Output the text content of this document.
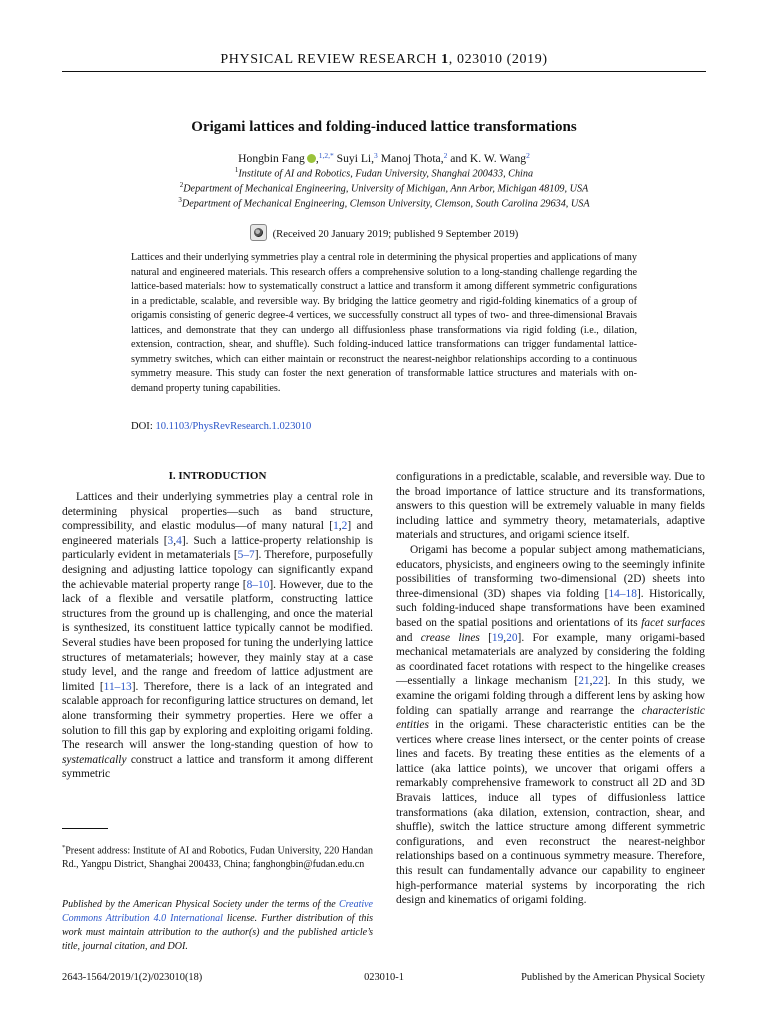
PHYSICAL REVIEW RESEARCH 1, 023010 (2019)
Origami lattices and folding-induced lattice transformations
Hongbin Fang ,$^{1,2,*}$ Suyi Li,$^3$ Manoj Thota,$^2$ and K. W. Wang$^2$
$^1$Institute of AI and Robotics, Fudan University, Shanghai 200433, China
$^2$Department of Mechanical Engineering, University of Michigan, Ann Arbor, Michigan 48109, USA
$^3$Department of Mechanical Engineering, Clemson University, Clemson, South Carolina 29634, USA
(Received 20 January 2019; published 9 September 2019)

Lattices and their underlying symmetries play a central role in determining the physical properties and applications of many natural and engineered materials. This research offers a comprehensive solution to a long-standing challenge regarding the lattice-based materials: how to systematically construct a lattice and transform it among different symmetric configurations in a predictable, scalable, and reversible way. By bridging the lattice geometry and rigid-folding kinematics of a group of origamis consisting of generic degree-4 vertices, we successfully construct all types of two- and three-dimensional Bravais lattices, and demonstrate that they can undergo all diffusionless phase transformations via rigid folding (i.e., dilation, extension, contraction, shear, and shuffle). Such folding-induced lattice transformations can trigger fundamental lattice-symmetry switches, which can either maintain or reconstruct the nearest-neighbor relationships according to a continuous symmetry measure. This study can foster the next generation of transformable lattice structures and materials with on-demand property tuning capabilities.

DOI: 10.1103/PhysRevResearch.1.023010
I. INTRODUCTION

Lattices and their underlying symmetries play a central role in determining physical properties—such as band structure, compressibility, and elastic modulus—of many natural [1,2] and engineered materials [3,4]. Such a lattice-property relationship is particularly evident in metamaterials [5–7]. Therefore, purposefully designing and adjusting lattice topology can significantly expand the achievable material property range [8–10]. However, due to the lack of a flexible and versatile platform, constructing lattice structures from the ground up is challenging, and once the material is synthesized, its constituent lattice typically cannot be modified. Several studies have been proposed for tuning the underlying lattice structures of metamaterials; however, they mainly stay at a case study level, and the range and freedom of lattice adjustment are limited [11–13]. Therefore, there is a lack of an integrated and scalable approach for reconfiguring lattice structures on demand, let alone transforming their symmetry properties. Here we offer a solution to fill this gap by exploring and exploiting origami folding. The research will answer the long-standing question of how to systematically construct a lattice and transform it among different symmetric

configurations in a predictable, scalable, and reversible way. Due to the broad importance of lattice structure and its transformations, answers to this question will be extremely valuable in many fields including lattice and symmetry theory, metamaterials, adaptive materials and structures, and origami science itself.

Origami has become a popular subject among mathematicians, educators, physicists, and engineers owing to the seemingly infinite possibilities of transforming two-dimensional (2D) sheets into three-dimensional (3D) shapes via folding [14–18]. Historically, such folding-induced shape transformations have been examined based on the spatial positions and orientations of its facet surfaces and crease lines [19,20]. For example, many origami-based mechanical metamaterials are analyzed by considering the folding as coordinated facet rotations with respect to the hingelike creases—essentially a linkage mechanism [21,22]. In this study, we examine the origami folding through a different lens by asking how folding can spatially arrange and rearrange the characteristic entities in the origami. These characteristic entities can be the vertices where crease lines intersect, or the center points of crease lines and facets. By treating these entities as the elements of a lattice (aka lattice points), we uncover that origami offers a remarkably comprehensive framework to construct all 2D and 3D Bravais lattices, induce all types of diffusionless lattice transformations (aka dilation, extension, contraction, shear, and shuffle), switch the lattice structure among different symmetric configurations, and even reconstruct the nearest-neighbor relationships based on a continuous symmetry measure. Therefore, this result can fundamentally advance our capability to engineer high-performance material systems by incorporating the rich design and kinematics of origami folding.

*Present address: Institute of AI and Robotics, Fudan University, 220 Handan Rd., Yangpu District, Shanghai 200433, China; fanghongbin@fudan.edu.cn
Published by the American Physical Society under the terms of the Creative Commons Attribution 4.0 International license. Further distribution of this work must maintain attribution to the author(s) and the published article’s title, journal citation, and DOI.
2643-1564/2019/1(2)/023010(18)	023010-1	Published by the American Physical Society
